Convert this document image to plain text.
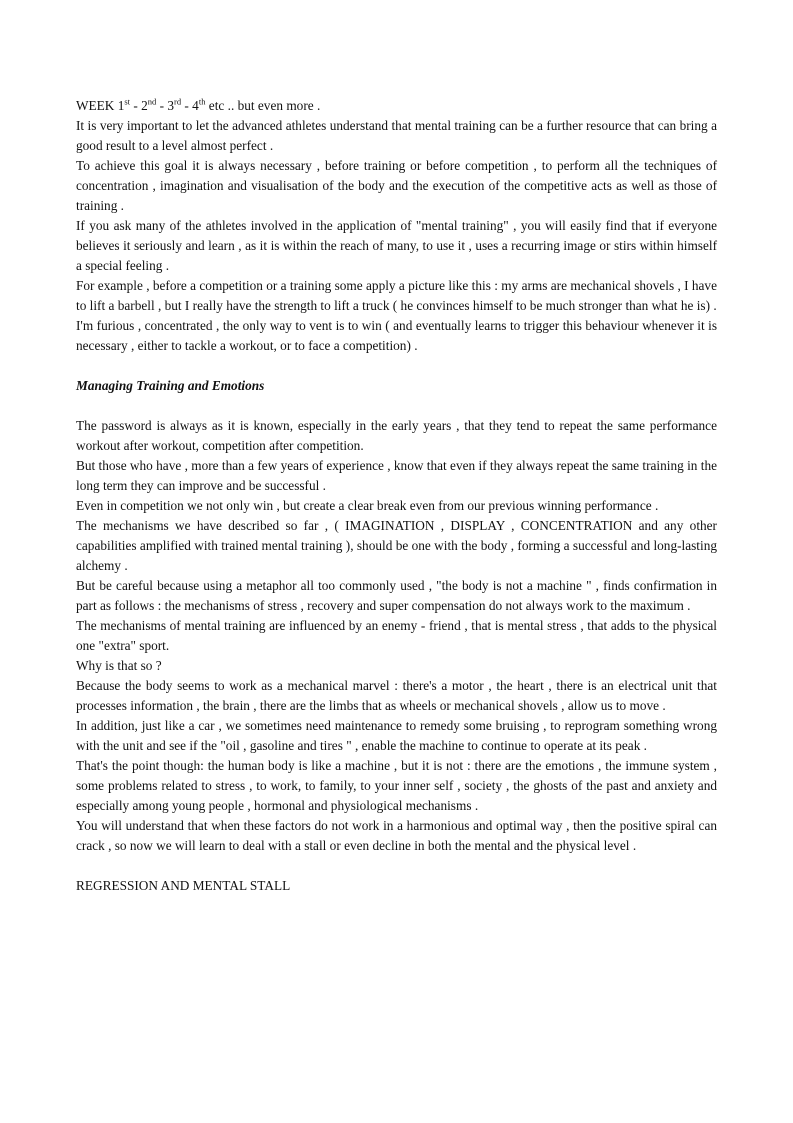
WEEK 1st - 2nd - 3rd - 4th etc .. but even more .

It is very important to let the advanced athletes understand that mental training can be a further resource that can bring a good result to a level almost perfect .

To achieve this goal it is always necessary , before training or before competition , to perform all the techniques of concentration , imagination and visualisation of the body and the execution of the competitive acts as well as those of training .

If you ask many of the athletes involved in the application of "mental training" , you will easily find that if everyone believes it seriously and learn , as it is within the reach of many, to use it , uses a recurring image or stirs within himself a special feeling .

For example , before a competition or a training some apply a picture like this : my arms are mechanical shovels , I have to lift a barbell , but I really have the strength to lift a truck ( he convinces himself to be much stronger than what he is) .

I'm furious , concentrated , the only way to vent is to win ( and eventually learns to trigger this behaviour whenever it is necessary , either to tackle a workout, or to face a competition) .

Managing Training and Emotions

The password is always as it is known, especially in the early years , that they tend to repeat the same performance workout after workout, competition after competition.

But those who have , more than a few years of experience , know that even if they always repeat the same training in the long term they can improve and be successful .

Even in competition we not only win , but create a clear break even from our previous winning performance .

The mechanisms we have described so far , ( IMAGINATION , DISPLAY , CONCENTRATION and any other capabilities amplified with trained mental training ), should be one with the body , forming a successful and long-lasting alchemy .

But be careful because using a metaphor all too commonly used , "the body is not a machine " , finds confirmation in part as follows : the mechanisms of stress , recovery and super compensation do not always work to the maximum .

The mechanisms of mental training are influenced by an enemy - friend , that is mental stress , that adds to the physical one "extra" sport.

Why is that so ?

Because the body seems to work as a mechanical marvel : there's a motor , the heart , there is an electrical unit that processes information , the brain , there are the limbs that as wheels or mechanical shovels , allow us to move .

In addition, just like a car , we sometimes need maintenance to remedy some bruising , to reprogram something wrong with the unit and see if the "oil , gasoline and tires " , enable the machine to continue to operate at its peak .

That's the point though: the human body is like a machine , but it is not : there are the emotions , the immune system , some problems related to stress , to work, to family, to your inner self , society , the ghosts of the past and anxiety and especially among young people , hormonal and physiological mechanisms .

You will understand that when these factors do not work in a harmonious and optimal way , then the positive spiral can crack , so now we will learn to deal with a stall or even decline in both the mental and the physical level .

REGRESSION AND MENTAL STALL
